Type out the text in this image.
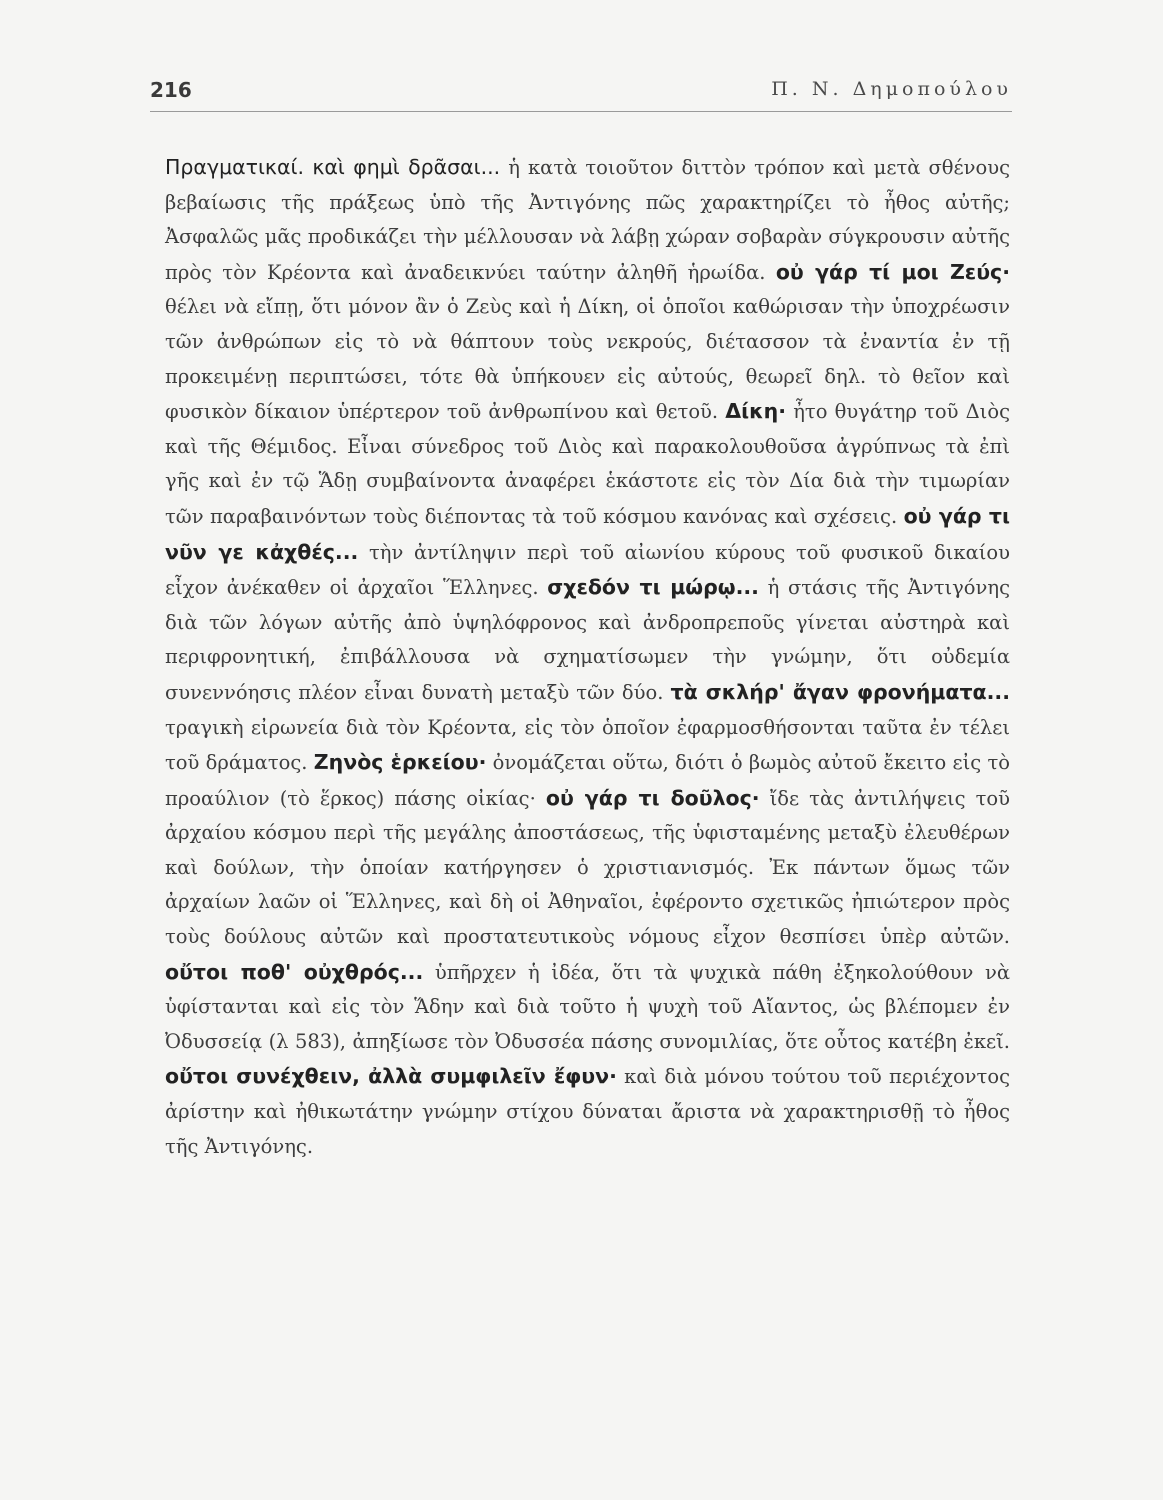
216	Π. Ν. Δημοπούλου
Πραγματικαί. καὶ φημὶ δρᾶσαι... ἡ κατὰ τοιοῦτον διττὸν τρόπον καὶ μετὰ σθένους βεβαίωσις τῆς πράξεως ὑπὸ τῆς Ἀντιγόνης πῶς χαρακτηρίζει τὸ ἦθος αὐτῆς; Ἀσφαλῶς μᾶς προδικάζει τὴν μέλλουσαν νὰ λάβῃ χώραν σοβαρὰν σύγκρουσιν αὐτῆς πρὸς τὸν Κρέοντα καὶ ἀναδεικνύει ταύτην ἀληθῆ ἡρωίδα. οὐ γάρ τί μοι Ζεύς· θέλει νὰ εἴπῃ, ὅτι μόνον ἂν ὁ Ζεὺς καὶ ἡ Δίκη, οἱ ὁποῖοι καθώρισαν τὴν ὑποχρέωσιν τῶν ἀνθρώπων εἰς τὸ νὰ θάπτουν τοὺς νεκρούς, διέτασσον τὰ ἐναντία ἐν τῇ προκειμένῃ περιπτώσει, τότε θὰ ὑπήκουεν εἰς αὐτούς, θεωρεῖ δηλ. τὸ θεῖον καὶ φυσικὸν δίκαιον ὑπέρτερον τοῦ ἀνθρωπίνου καὶ θετοῦ. Δίκη· ἦτο θυγάτηρ τοῦ Διὸς καὶ τῆς Θέμιδος. Εἶναι σύνεδρος τοῦ Διὸς καὶ παρακολουθοῦσα ἀγρύπνως τὰ ἐπὶ γῆς καὶ ἐν τῷ Ἅδῃ συμβαίνοντα ἀναφέρει ἑκάστοτε εἰς τὸν Δία διὰ τὴν τιμωρίαν τῶν παραβαινόντων τοὺς διέποντας τὰ τοῦ κόσμου κανόνας καὶ σχέσεις. οὐ γάρ τι νῦν γε κἀχθές... τὴν ἀντίληψιν περὶ τοῦ αἰωνίου κύρους τοῦ φυσικοῦ δικαίου εἶχον ἀνέκαθεν οἱ ἀρχαῖοι Ἕλληνες. σχεδόν τι μώρῳ... ἡ στάσις τῆς Ἀντιγόνης διὰ τῶν λόγων αὐτῆς ἀπὸ ὑψηλόφρονος καὶ ἀνδροπρεποῦς γίνεται αὐστηρὰ καὶ περιφρονητική, ἐπιβάλλουσα νὰ σχηματίσωμεν τὴν γνώμην, ὅτι οὐδεμία συνεννόησις πλέον εἶναι δυνατὴ μεταξὺ τῶν δύο. τὰ σκλήρ' ἄγαν φρονήματα... τραγικὴ εἰρωνεία διὰ τὸν Κρέοντα, εἰς τὸν ὁποῖον ἐφαρμοσθήσονται ταῦτα ἐν τέλει τοῦ δράματος. Ζηνὸς ἑρκείου· ὀνομάζεται οὕτω, διότι ὁ βωμὸς αὐτοῦ ἔκειτο εἰς τὸ προαύλιον (τὸ ἕρκος) πάσης οἰκίας· οὐ γάρ τι δοῦλος· ἴδε τὰς ἀντιλήψεις τοῦ ἀρχαίου κόσμου περὶ τῆς μεγάλης ἀποστάσεως, τῆς ὑφισταμένης μεταξὺ ἐλευθέρων καὶ δούλων, τὴν ὁποίαν κατήργησεν ὁ χριστιανισμός. Ἐκ πάντων ὅμως τῶν ἀρχαίων λαῶν οἱ Ἕλληνες, καὶ δὴ οἱ Ἀθηναῖοι, ἐφέροντο σχετικῶς ἠπιώτερον πρὸς τοὺς δούλους αὐτῶν καὶ προστατευτικοὺς νόμους εἶχον θεσπίσει ὑπὲρ αὐτῶν. οὔτοι ποθ' οὐχθρός... ὑπῆρχεν ἡ ἰδέα, ὅτι τὰ ψυχικὰ πάθη ἐξηκολούθουν νὰ ὑφίστανται καὶ εἰς τὸν Ἅδην καὶ διὰ τοῦτο ἡ ψυχὴ τοῦ Αἴαντος, ὡς βλέπομεν ἐν Ὀδυσσείᾳ (λ 583), ἀπηξίωσε τὸν Ὀδυσσέα πάσης συνομιλίας, ὅτε οὗτος κατέβη ἐκεῖ. οὔτοι συνέχθειν, ἀλλὰ συμφιλεῖν ἔφυν· καὶ διὰ μόνου τούτου τοῦ περιέχοντος ἀρίστην καὶ ἠθικωτάτην γνώμην στίχου δύναται ἄριστα νὰ χαρακτηρισθῇ τὸ ἦθος τῆς Ἀντιγόνης.
